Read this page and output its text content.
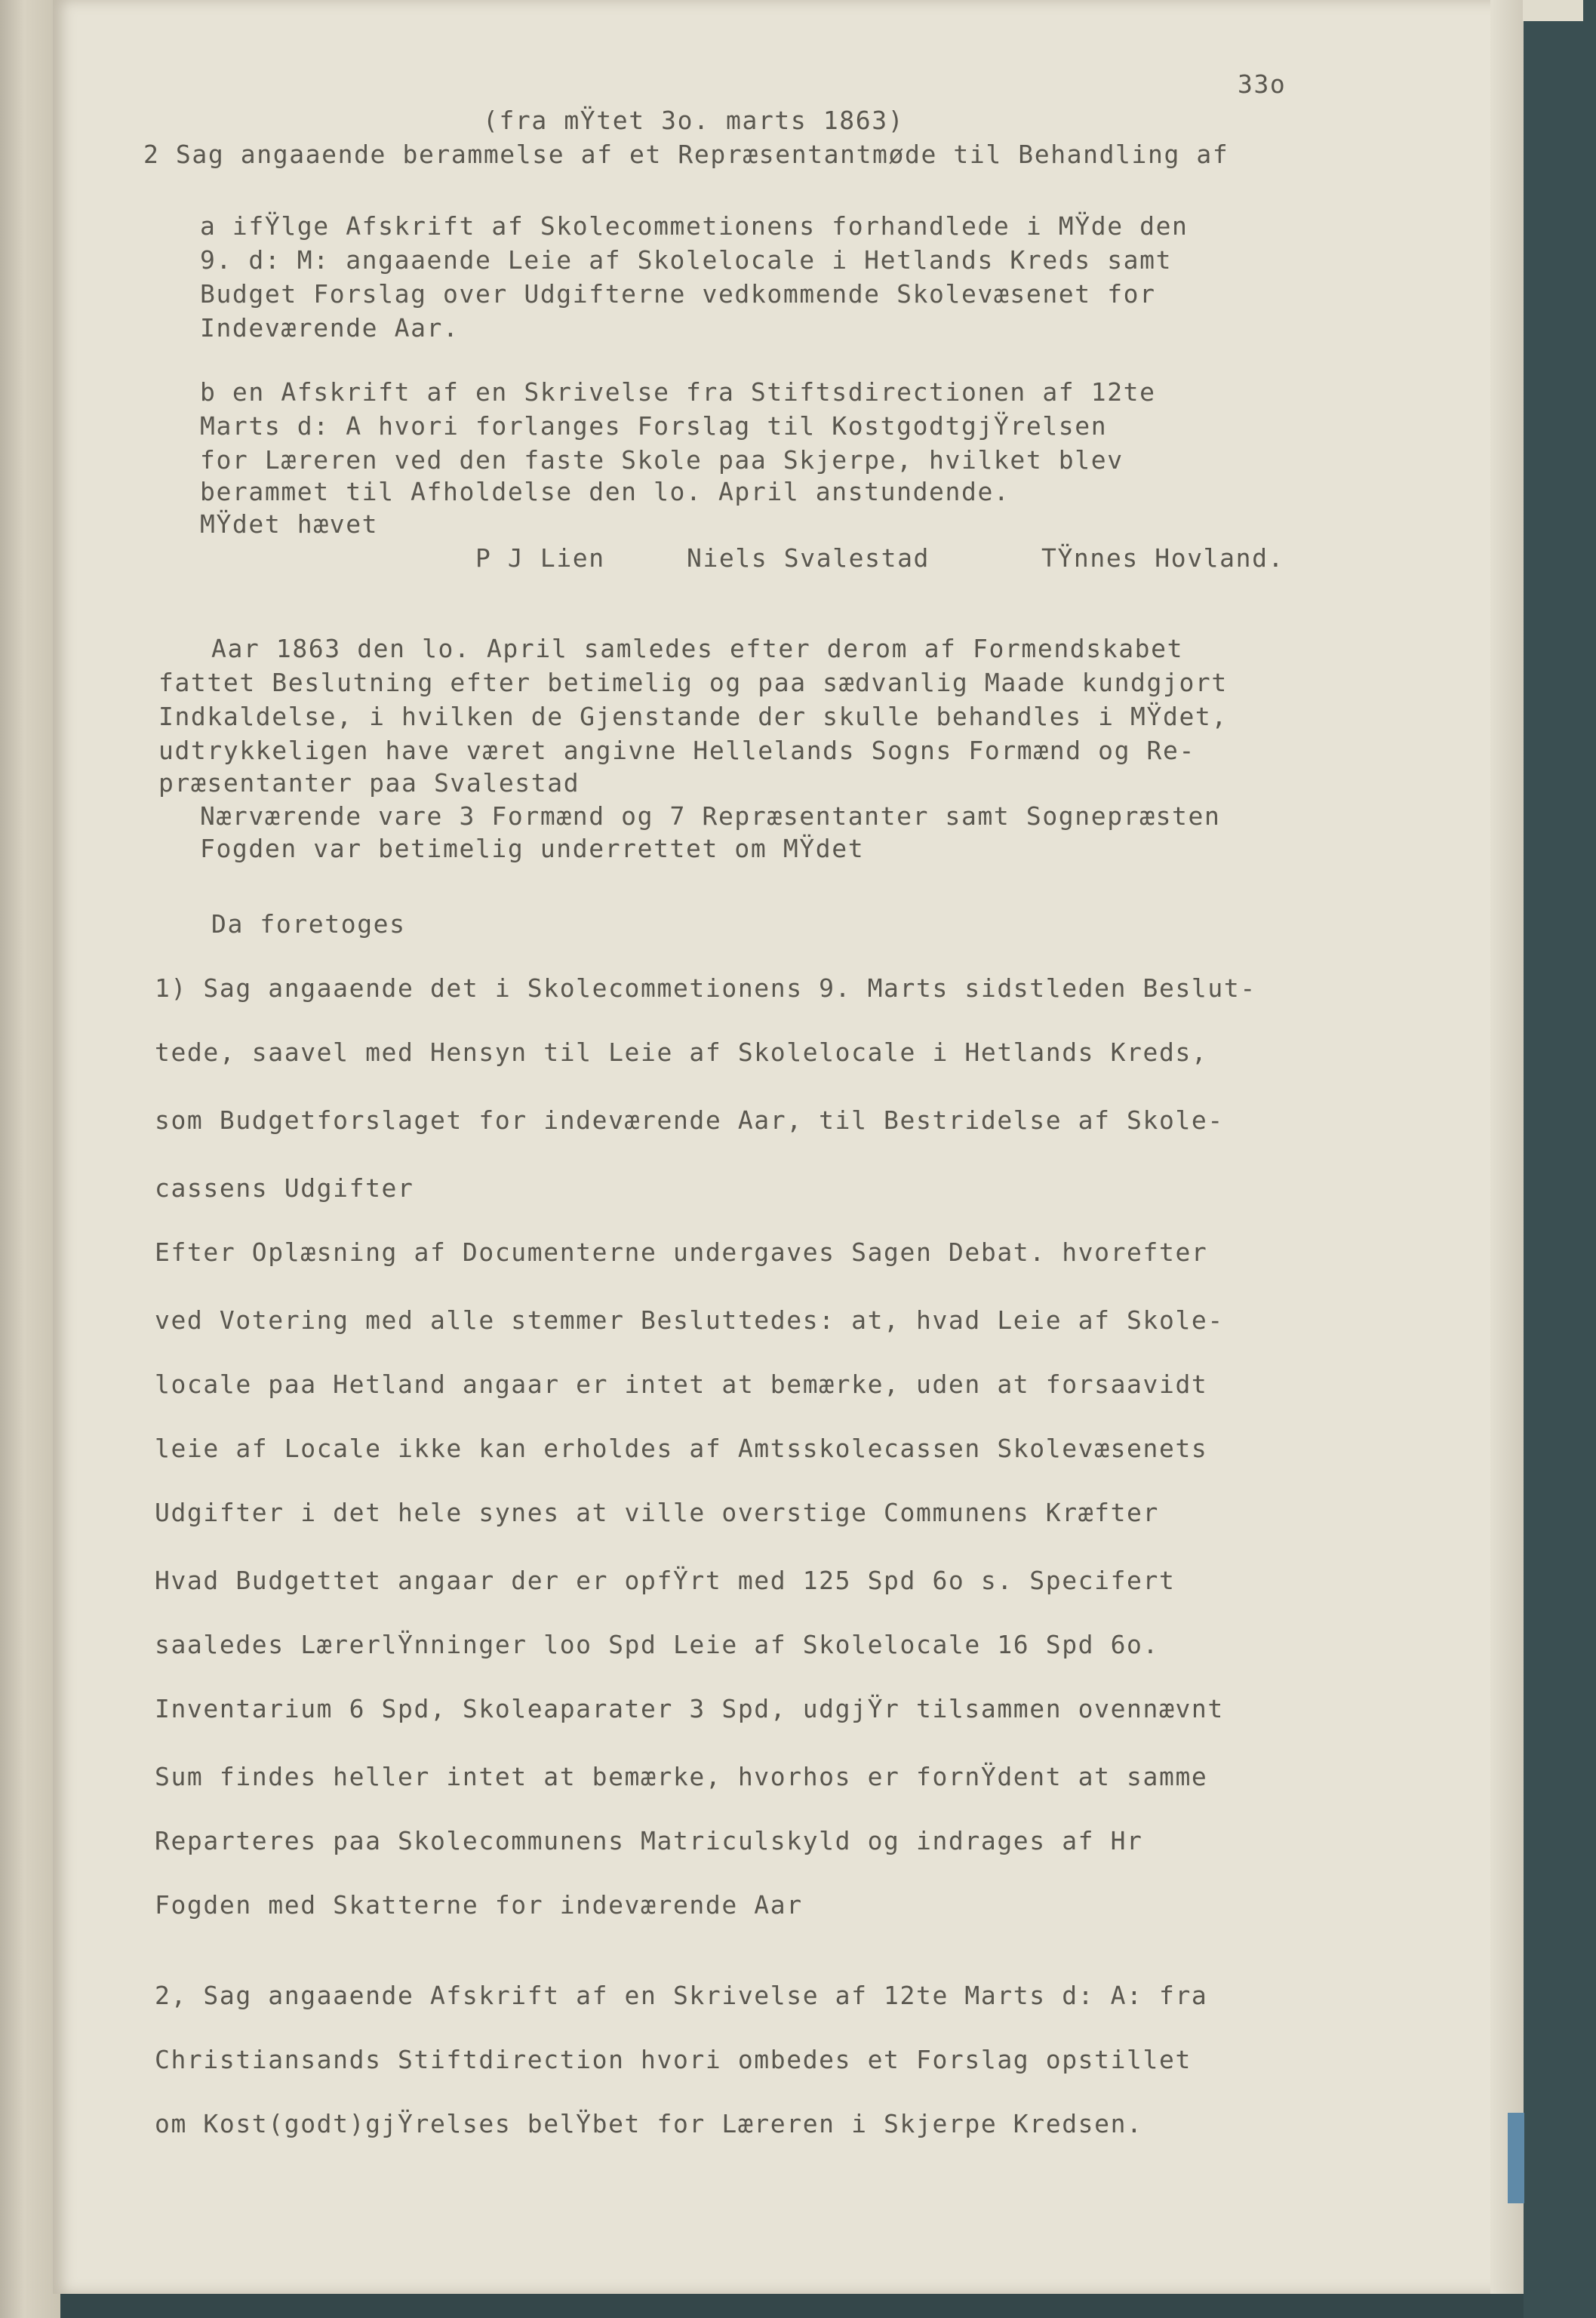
33o
(fra mŸtet 3o. marts 1863)
2 Sag angaaende berammelse af et Repræsentantmøde til Behandling af
a ifŸlge Afskrift af Skolecommetionens forhandlede i MŸde den
9. d: M: angaaende Leie af Skolelocale i Hetlands Kreds samt
Budget Forslag over Udgifterne vedkommende Skolevæsenet for
Indeværende Aar.
b en Afskrift af en Skrivelse fra Stiftsdirectionen af 12te
Marts d: A hvori forlanges Forslag til KostgodtgjŸrelsen
for Læreren ved den faste Skole paa Skjerpe, hvilket blev
berammet til Afholdelse den lo. April anstundende.
MŸdet hævet
P J Lien	Niels Svalestad	TŸnnes Hovland.
Aar 1863 den lo. April samledes efter derom af Formendskabet
fattet Beslutning efter betimelig og paa sædvanlig Maade kundgjort
Indkaldelse, i hvilken de Gjenstande der skulle behandles i MŸdet,
udtrykkeligen have været angivne Hellelands Sogns Formænd og Re-
præsentanter paa Svalestad
Nærværende vare 3 Formænd og 7 Repræsentanter samt Sognepræsten
Fogden var betimelig underrettet om MŸdet
Da foretoges
1) Sag angaaende det i Skolecommetionens 9. Marts sidstleden Beslut-
tede, saavel med Hensyn til Leie af Skolelocale i Hetlands Kreds,
som Budgetforslaget for indeværende Aar, til Bestridelse af Skole-
cassens Udgifter
Efter Oplæsning af Documenterne undergaves Sagen Debat. hvorefter
ved Votering med alle stemmer Besluttedes: at, hvad Leie af Skole-
locale paa Hetland angaar er intet at bemærke, uden at forsaavidt
leie af Locale ikke kan erholdes af Amtsskolecassen Skolevæsenets
Udgifter i det hele synes at ville overstige Communens Kræfter
Hvad Budgettet angaar der er opfŸrt med 125 Spd 6o s. Specifert
saaledes LærerlŸnninger loo Spd Leie af Skolelocale 16 Spd 6o.
Inventarium 6 Spd, Skoleaparater 3 Spd, udgjŸr tilsammen ovennævnt
Sum findes heller intet at bemærke, hvorhos er fornŸdent at samme
Reparteres paa Skolecommunens Matriculskyld og indrages af Hr
Fogden med Skatterne for indeværende Aar
2, Sag angaaende Afskrift af en Skrivelse af 12te Marts d: A: fra
Christiansands Stiftdirection hvori ombedes et Forslag opstillet
om Kost(godt)gjŸrelses belŸbet for Læreren i Skjerpe Kredsen.
